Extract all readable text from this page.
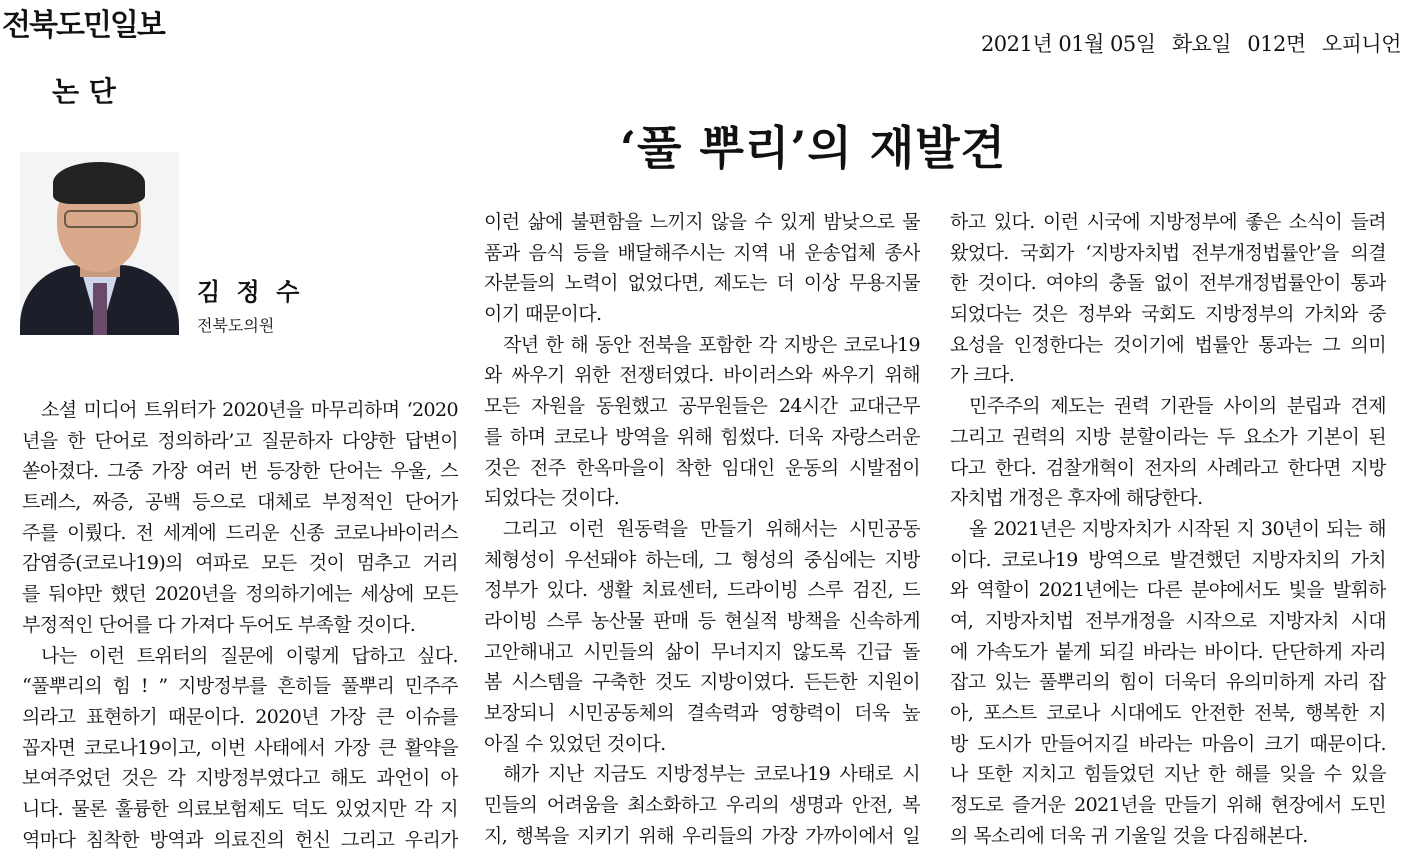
전북도민일보
2021년 01월 05일 화요일 012면 오피니언
논 단
‘풀 뿌리’의 재발견
김 정 수
전북도의원
소셜 미디어 트위터가 2020년을 마무리하며 ‘2020
년을 한 단어로 정의하라’고 질문하자 다양한 답변이
쏟아졌다. 그중 가장 여러 번 등장한 단어는 우울, 스
트레스, 짜증, 공백 등으로 대체로 부정적인 단어가
주를 이뤘다. 전 세계에 드리운 신종 코로나바이러스
감염증(코로나19)의 여파로 모든 것이 멈추고 거리
를 둬야만 했던 2020년을 정의하기에는 세상에 모든
부정적인 단어를 다 가져다 두어도 부족할 것이다.
나는 이런 트위터의 질문에 이렇게 답하고 싶다.
“풀뿌리의 힘 ! ” 지방정부를 흔히들 풀뿌리 민주주
의라고 표현하기 때문이다. 2020년 가장 큰 이슈를
꼽자면 코로나19이고, 이번 사태에서 가장 큰 활약을
보여주었던 것은 각 지방정부였다고 해도 과언이 아
니다. 물론 훌륭한 의료보험제도 덕도 있었지만 각 지
역마다 침착한 방역과 의료진의 헌신 그리고 우리가
이런 삶에 불편함을 느끼지 않을 수 있게 밤낮으로 물
품과 음식 등을 배달해주시는 지역 내 운송업체 종사
자분들의 노력이 없었다면, 제도는 더 이상 무용지물
이기 때문이다.
작년 한 해 동안 전북을 포함한 각 지방은 코로나19
와 싸우기 위한 전쟁터였다. 바이러스와 싸우기 위해
모든 자원을 동원했고 공무원들은 24시간 교대근무
를 하며 코로나 방역을 위해 힘썼다. 더욱 자랑스러운
것은 전주 한옥마을이 착한 임대인 운동의 시발점이
되었다는 것이다.
그리고 이런 원동력을 만들기 위해서는 시민공동
체형성이 우선돼야 하는데, 그 형성의 중심에는 지방
정부가 있다. 생활 치료센터, 드라이빙 스루 검진, 드
라이빙 스루 농산물 판매 등 현실적 방책을 신속하게
고안해내고 시민들의 삶이 무너지지 않도록 긴급 돌
봄 시스템을 구축한 것도 지방이였다. 든든한 지원이
보장되니 시민공동체의 결속력과 영향력이 더욱 높
아질 수 있었던 것이다.
해가 지난 지금도 지방정부는 코로나19 사태로 시
민들의 어려움을 최소화하고 우리의 생명과 안전, 복
지, 행복을 지키기 위해 우리들의 가장 가까이에서 일
하고 있다. 이런 시국에 지방정부에 좋은 소식이 들려
왔었다. 국회가 ‘지방자치법 전부개정법률안’을 의결
한 것이다. 여야의 충돌 없이 전부개정법률안이 통과
되었다는 것은 정부와 국회도 지방정부의 가치와 중
요성을 인정한다는 것이기에 법률안 통과는 그 의미
가 크다.
민주주의 제도는 권력 기관들 사이의 분립과 견제
그리고 권력의 지방 분할이라는 두 요소가 기본이 된
다고 한다. 검찰개혁이 전자의 사례라고 한다면 지방
자치법 개정은 후자에 해당한다.
올 2021년은 지방자치가 시작된 지 30년이 되는 해
이다. 코로나19 방역으로 발견했던 지방자치의 가치
와 역할이 2021년에는 다른 분야에서도 빛을 발휘하
여, 지방자치법 전부개정을 시작으로 지방자치 시대
에 가속도가 붙게 되길 바라는 바이다. 단단하게 자리
잡고 있는 풀뿌리의 힘이 더욱더 유의미하게 자리 잡
아, 포스트 코로나 시대에도 안전한 전북, 행복한 지
방 도시가 만들어지길 바라는 마음이 크기 때문이다.
나 또한 지치고 힘들었던 지난 한 해를 잊을 수 있을
정도로 즐거운 2021년을 만들기 위해 현장에서 도민
의 목소리에 더욱 귀 기울일 것을 다짐해본다.
